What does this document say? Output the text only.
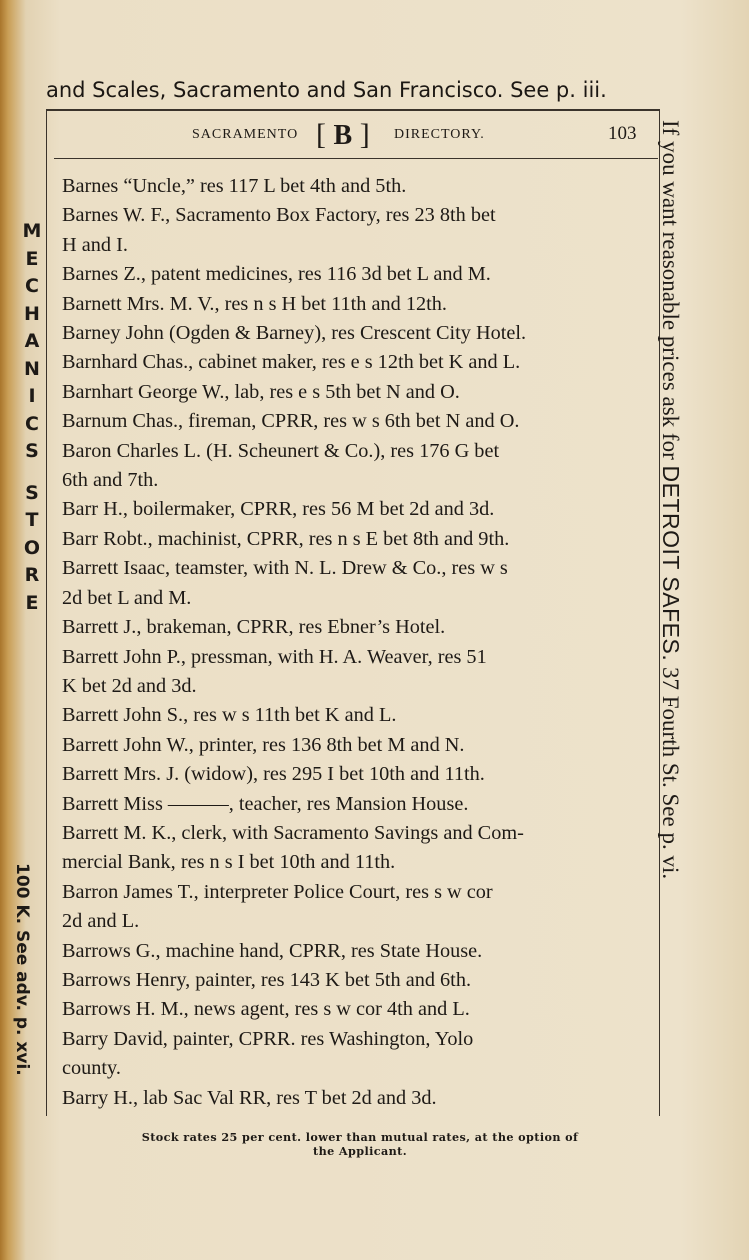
and Scales, Sacramento and San Francisco. See p. iii.
SACRAMENTO [ B ] DIRECTORY.	103
Barnes “Uncle,” res 117 L bet 4th and 5th.
Barnes W. F., Sacramento Box Factory, res 23 8th bet
H and I.
Barnes Z., patent medicines, res 116 3d bet L and M.
Barnett Mrs. M. V., res n s H bet 11th and 12th.
Barney John (Ogden & Barney), res Crescent City Hotel.
Barnhard Chas., cabinet maker, res e s 12th bet K and L.
Barnhart George W., lab, res e s 5th bet N and O.
Barnum Chas., fireman, CPRR, res w s 6th bet N and O.
Baron Charles L. (H. Scheunert & Co.), res 176 G bet
6th and 7th.
Barr H., boilermaker, CPRR, res 56 M bet 2d and 3d.
Barr Robt., machinist, CPRR, res n s E bet 8th and 9th.
Barrett Isaac, teamster, with N. L. Drew & Co., res w s
2d bet L and M.
Barrett J., brakeman, CPRR, res Ebner’s Hotel.
Barrett John P., pressman, with H. A. Weaver, res 51
K bet 2d and 3d.
Barrett John S., res w s 11th bet K and L.
Barrett John W., printer, res 136 8th bet M and N.
Barrett Mrs. J. (widow), res 295 I bet 10th and 11th.
Barrett Miss ———, teacher, res Mansion House.
Barrett M. K., clerk, with Sacramento Savings and Com-
mercial Bank, res n s I bet 10th and 11th.
Barron James T., interpreter Police Court, res s w cor
2d and L.
Barrows G., machine hand, CPRR, res State House.
Barrows Henry, painter, res 143 K bet 5th and 6th.
Barrows H. M., news agent, res s w cor 4th and L.
Barry David, painter, CPRR. res Washington, Yolo
county.
Barry H., lab Sac Val RR, res T bet 2d and 3d.
M
E
C
H
A
N
I
C
S
S
T
O
R
E
100 K. See adv. p. xvi.
If you want reasonable prices ask for DETROIT SAFES. 37 Fourth St. See p. vi.
Stock rates 25 per cent. lower than mutual rates, at the option of
the Applicant.
